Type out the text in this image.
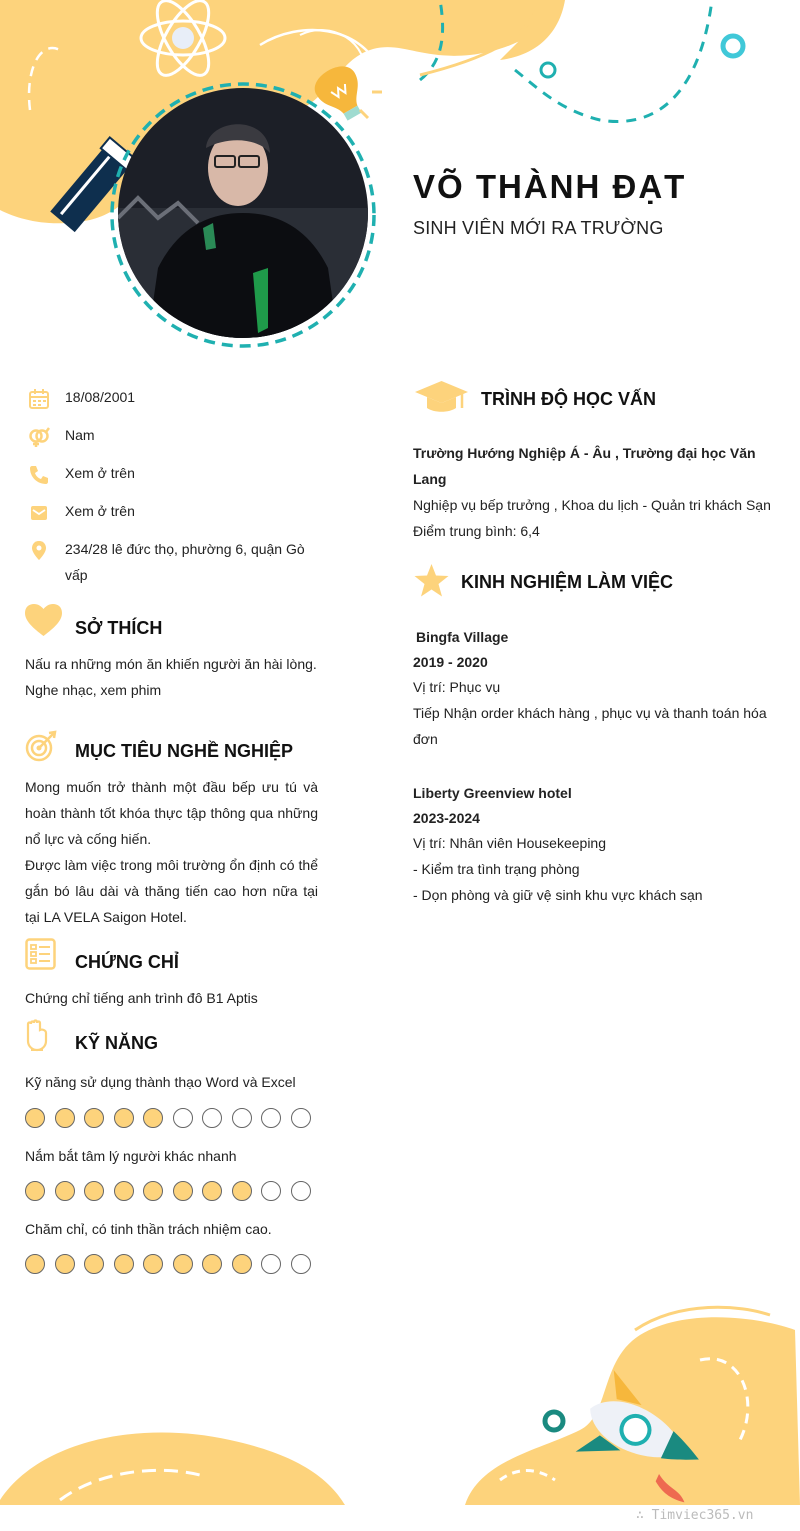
VÕ THÀNH ĐẠT
SINH VIÊN MỚI RA TRƯỜNG
18/08/2001
Nam
Xem ở trên
Xem ở trên
234/28 lê đức thọ, phường 6, quận Gò vấp
SỞ THÍCH

Nấu ra những món ăn khiến người ăn hài lòng.

Nghe nhạc, xem phim

MỤC TIÊU NGHỀ NGHIỆP

Mong muốn trở thành một đầu bếp ưu tú và hoàn thành tốt khóa thực tập thông qua những nổ lực và cống hiến.

Được làm việc trong môi trường ổn định có thể gắn bó lâu dài và thăng tiến cao hơn nữa tại tại LA VELA Saigon Hotel.

CHỨNG CHỈ
Chứng chỉ tiếng anh trình đô B1 Aptis
KỸ NĂNG
Kỹ năng sử dụng thành thạo Word và Excel
Nắm bắt tâm lý người khác nhanh
Chăm chỉ, có tinh thần trách nhiệm cao.
TRÌNH ĐỘ HỌC VẤN

Trường Hướng Nghiệp Á - Âu , Trường đại học Văn Lang

Nghiệp vụ bếp trưởng , Khoa du lịch - Quản tri khách Sạn

Điểm trung bình: 6,4

KINH NGHIỆM LÀM VIỆC

Bingfa Village

2019 - 2020

Vị trí: Phục vụ

Tiếp Nhận order khách hàng , phục vụ và thanh toán hóa đơn

Liberty Greenview hotel

2023-2024

Vị trí: Nhân viên Housekeeping

- Kiểm tra tình trạng phòng

- Dọn phòng và giữ vệ sinh khu vực khách sạn

∴ Timviec365.vn
